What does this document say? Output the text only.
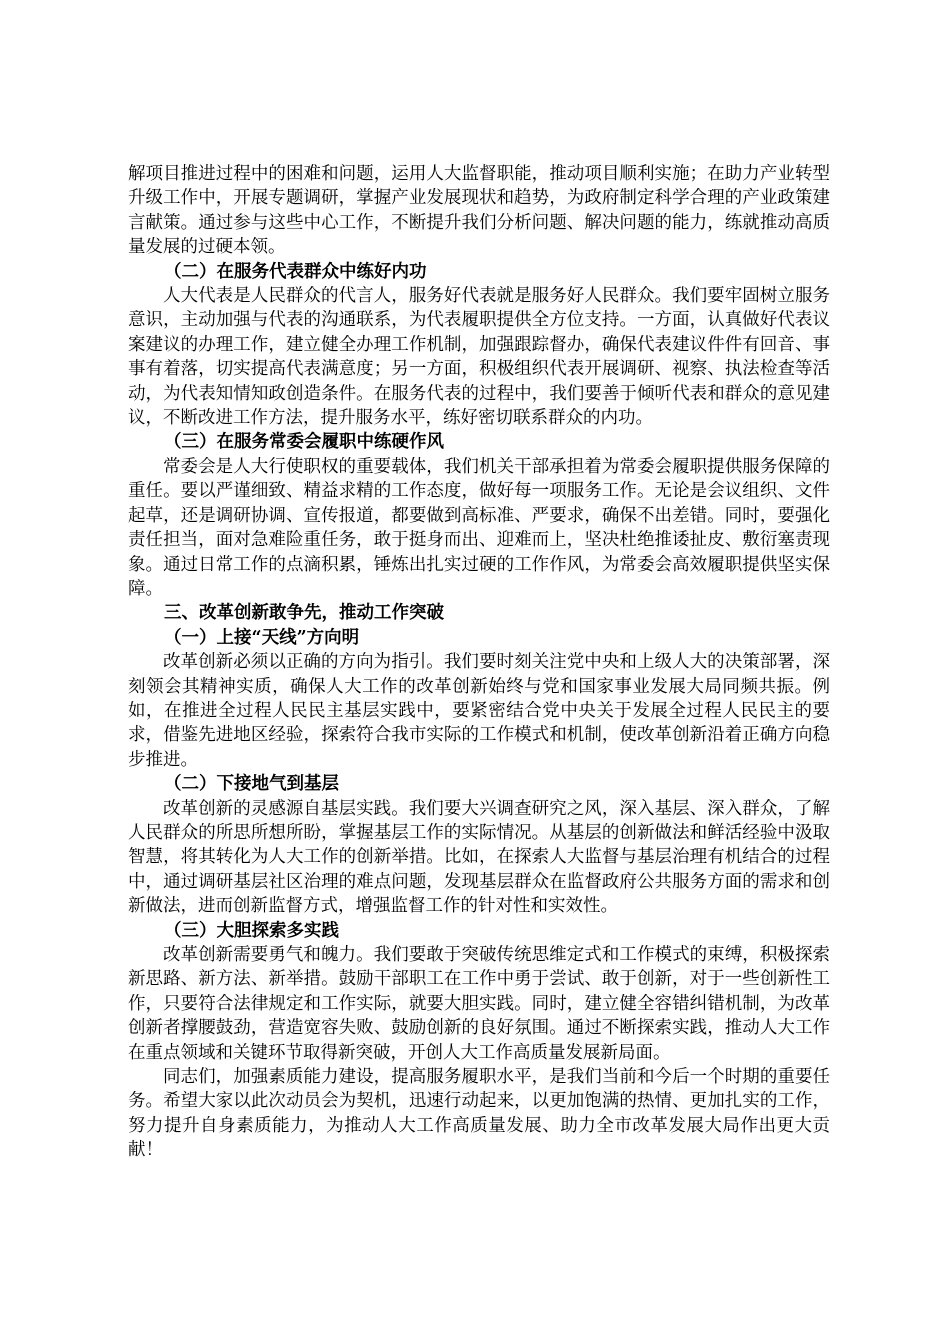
解项目推进过程中的困难和问题，运用人大监督职能，推动项目顺利实施；在助力产业转型升级工作中，开展专题调研，掌握产业发展现状和趋势，为政府制定科学合理的产业政策建言献策。通过参与这些中心工作，不断提升我们分析问题、解决问题的能力，练就推动高质量发展的过硬本领。

（二）在服务代表群众中练好内功

人大代表是人民群众的代言人，服务好代表就是服务好人民群众。我们要牢固树立服务意识，主动加强与代表的沟通联系，为代表履职提供全方位支持。一方面，认真做好代表议案建议的办理工作，建立健全办理工作机制，加强跟踪督办，确保代表建议件件有回音、事事有着落，切实提高代表满意度；另一方面，积极组织代表开展调研、视察、执法检查等活动，为代表知情知政创造条件。在服务代表的过程中，我们要善于倾听代表和群众的意见建议，不断改进工作方法，提升服务水平，练好密切联系群众的内功。

（三）在服务常委会履职中练硬作风

常委会是人大行使职权的重要载体，我们机关干部承担着为常委会履职提供服务保障的重任。要以严谨细致、精益求精的工作态度，做好每一项服务工作。无论是会议组织、文件起草，还是调研协调、宣传报道，都要做到高标准、严要求，确保不出差错。同时，要强化责任担当，面对急难险重任务，敢于挺身而出、迎难而上，坚决杜绝推诿扯皮、敷衍塞责现象。通过日常工作的点滴积累，锤炼出扎实过硬的工作作风，为常委会高效履职提供坚实保障。

三、改革创新敢争先，推动工作突破

（一）上接“天线”方向明

改革创新必须以正确的方向为指引。我们要时刻关注党中央和上级人大的决策部署，深刻领会其精神实质，确保人大工作的改革创新始终与党和国家事业发展大局同频共振。例如，在推进全过程人民民主基层实践中，要紧密结合党中央关于发展全过程人民民主的要求，借鉴先进地区经验，探索符合我市实际的工作模式和机制，使改革创新沿着正确方向稳步推进。

（二）下接地气到基层

改革创新的灵感源自基层实践。我们要大兴调查研究之风，深入基层、深入群众，了解人民群众的所思所想所盼，掌握基层工作的实际情况。从基层的创新做法和鲜活经验中汲取智慧，将其转化为人大工作的创新举措。比如，在探索人大监督与基层治理有机结合的过程中，通过调研基层社区治理的难点问题，发现基层群众在监督政府公共服务方面的需求和创新做法，进而创新监督方式，增强监督工作的针对性和实效性。

（三）大胆探索多实践

改革创新需要勇气和魄力。我们要敢于突破传统思维定式和工作模式的束缚，积极探索新思路、新方法、新举措。鼓励干部职工在工作中勇于尝试、敢于创新，对于一些创新性工作，只要符合法律规定和工作实际，就要大胆实践。同时，建立健全容错纠错机制，为改革创新者撑腰鼓劲，营造宽容失败、鼓励创新的良好氛围。通过不断探索实践，推动人大工作在重点领域和关键环节取得新突破，开创人大工作高质量发展新局面。

同志们，加强素质能力建设，提高服务履职水平，是我们当前和今后一个时期的重要任务。希望大家以此次动员会为契机，迅速行动起来，以更加饱满的热情、更加扎实的工作，努力提升自身素质能力，为推动人大工作高质量发展、助力全市改革发展大局作出更大贡献！
